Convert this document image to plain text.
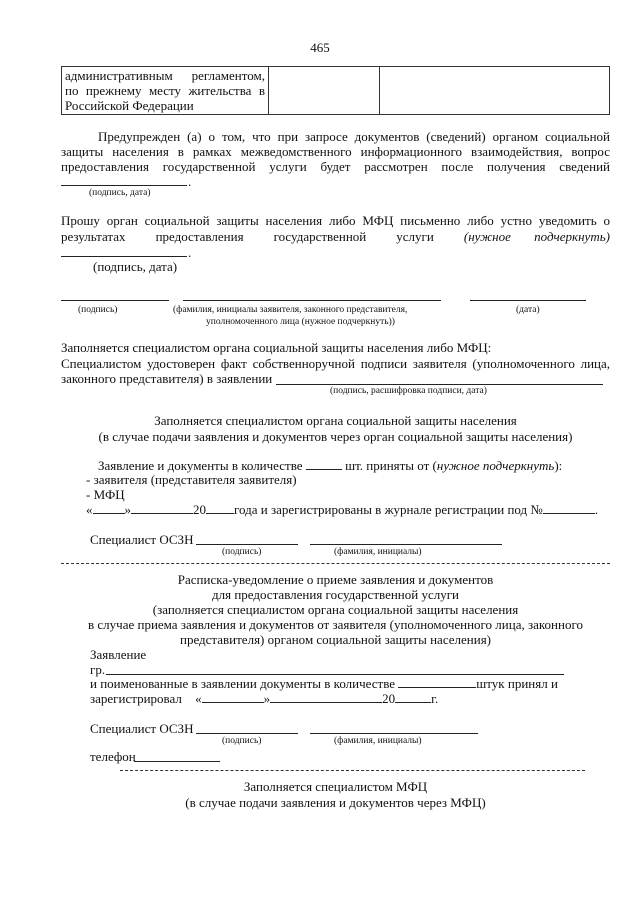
465
административным регламентом,
по прежнему месту жительства в
Российской Федерации

Предупрежден (а) о том, что при запросе документов (сведений) органом социальной
защиты населения в рамках межведомственного информационного взаимодействия, вопрос
предоставления государственной услуги будет рассмотрен после получения сведений
.
(подпись, дата)
Прошу орган социальной защиты населения либо МФЦ письменно либо устно уведомить о
результатах предоставления государственной услуги (нужное подчеркнуть)
.
(подпись, дата)
(подпись)	(фамилия, инициалы заявителя, законного представителя,
уполномоченного лица (нужное подчеркнуть))
(дата)
Заполняется специалистом органа социальной защиты населения либо МФЦ:
Специалистом удостоверен факт собственноручной подписи заявителя (уполномоченного лица,
законного представителя) в заявлении
(подпись, расшифровка подписи, дата)
Заполняется специалистом органа социальной защиты населения
(в случае подачи заявления и документов через орган социальной защиты населения)
Заявление и документы в количестве	шт. приняты от (нужное подчеркнуть):
- заявителя (представителя заявителя)
- МФЦ
« »	20 года и зарегистрированы в журнале регистрации под №	.
Специалист ОСЗН
(подпись)	(фамилия, инициалы)
Расписка-уведомление о приеме заявления и документов
для предоставления государственной услуги
(заполняется специалистом органа социальной защиты населения
в случае приема заявления и документов от заявителя (уполномоченного лица, законного
представителя) органом социальной защиты населения)
Заявление
гр.
и поименованные в заявлении документы в количестве	штук принял и
зарегистрировал «	»	20	г.
Специалист ОСЗН
(подпись)	(фамилия, инициалы)
телефон
Заполняется специалистом МФЦ
(в случае подачи заявления и документов через МФЦ)
